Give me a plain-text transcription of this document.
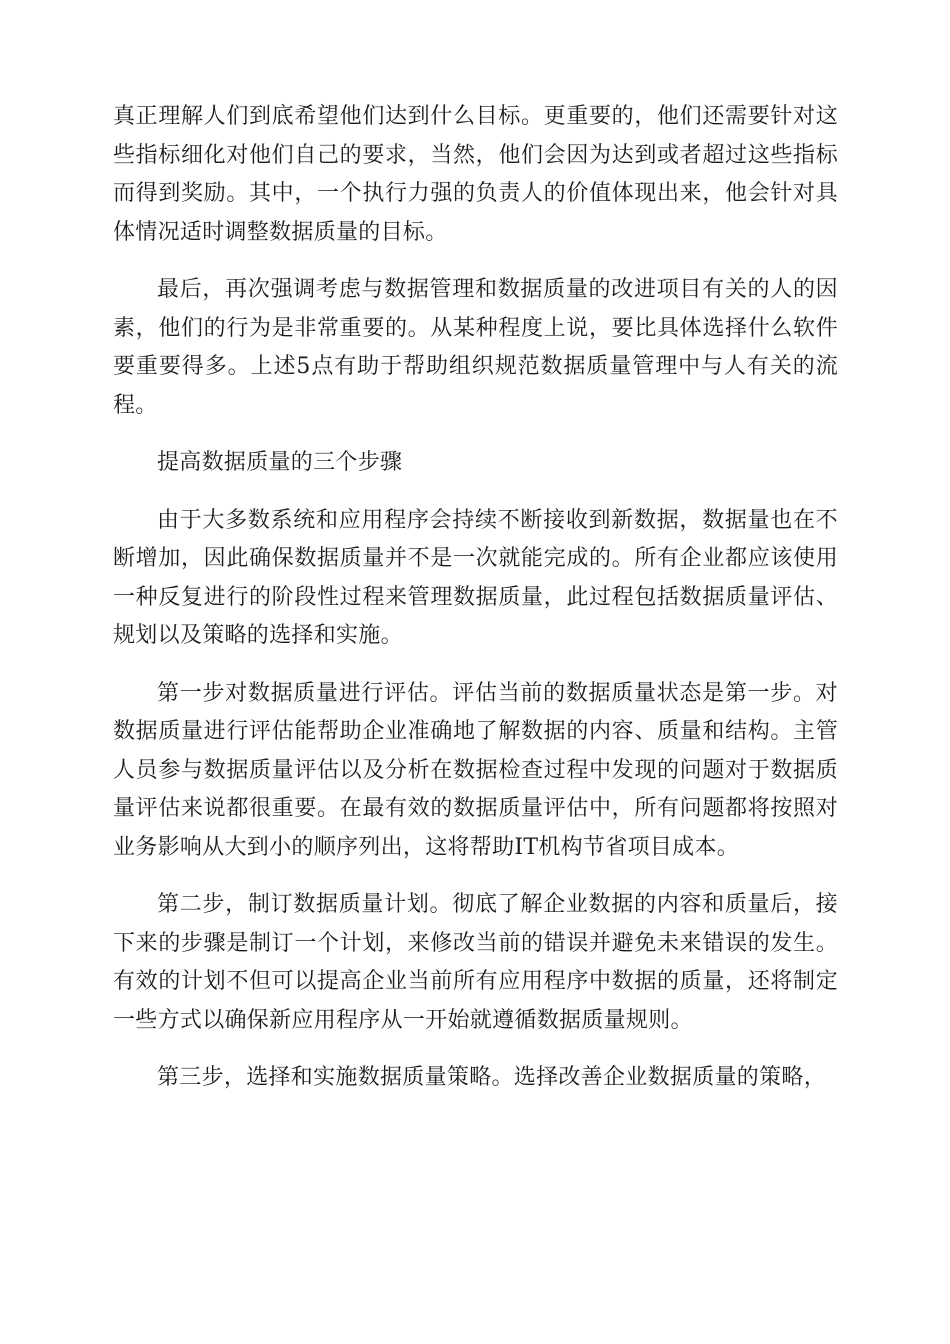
真正理解人们到底希望他们达到什么目标。更重要的，他们还需要针对这些指标细化对他们自己的要求，当然，他们会因为达到或者超过这些指标而得到奖励。其中，一个执行力强的负责人的价值体现出来，他会针对具体情况适时调整数据质量的目标。

最后，再次强调考虑与数据管理和数据质量的改进项目有关的人的因素，他们的行为是非常重要的。从某种程度上说，要比具体选择什么软件要重要得多。上述5点有助于帮助组织规范数据质量管理中与人有关的流程。

提高数据质量的三个步骤

由于大多数系统和应用程序会持续不断接收到新数据，数据量也在不断增加，因此确保数据质量并不是一次就能完成的。所有企业都应该使用一种反复进行的阶段性过程来管理数据质量，此过程包括数据质量评估、规划以及策略的选择和实施。

第一步对数据质量进行评估。评估当前的数据质量状态是第一步。对数据质量进行评估能帮助企业准确地了解数据的内容、质量和结构。主管人员参与数据质量评估以及分析在数据检查过程中发现的问题对于数据质量评估来说都很重要。在最有效的数据质量评估中，所有问题都将按照对业务影响从大到小的顺序列出，这将帮助IT机构节省项目成本。

第二步，制订数据质量计划。彻底了解企业数据的内容和质量后，接下来的步骤是制订一个计划，来修改当前的错误并避免未来错误的发生。有效的计划不但可以提高企业当前所有应用程序中数据的质量，还将制定一些方式以确保新应用程序从一开始就遵循数据质量规则。

第三步，选择和实施数据质量策略。选择改善企业数据质量的策略，
